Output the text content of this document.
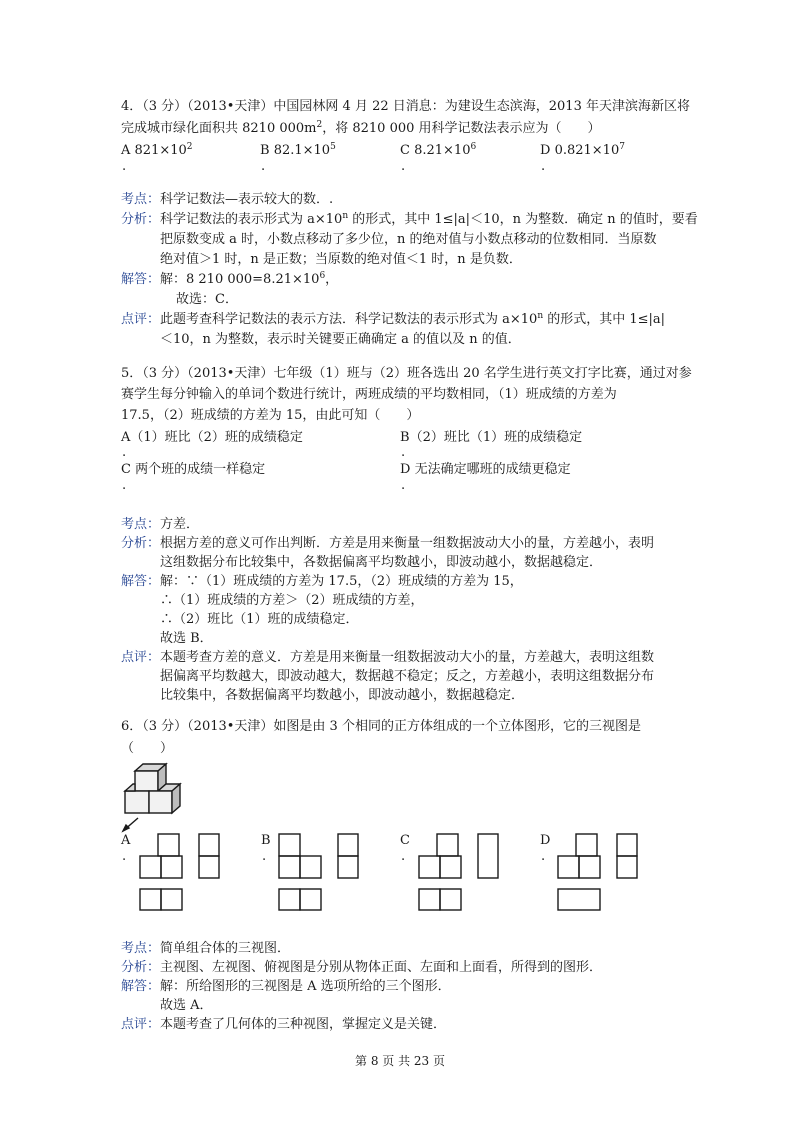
4．（3 分）（2013•天津）中国园林网 4 月 22 日消息：为建设生态滨海，2013 年天津滨海新区将
完成城市绿化面积共 8210 $000m^2$，将 8210 000 用科学记数法表示应为（　　）
A $821\times 10^2$	B $82.1\times 10^5$	C $8.21\times 10^6$	D $0.821\times 10^7$
.	.	.	.
考点： 科学记数法—表示较大的数．.
分析： 科学记数法的表示形式为 $a\times 10^n$ 的形式，其中 1≤|a|＜10，n 为整数．确定 n 的值时，要看
把原数变成 a 时，小数点移动了多少位，n 的绝对值与小数点移动的位数相同．当原数
绝对值＞1 时，n 是正数；当原数的绝对值＜1 时，n 是负数．
解答： 解：8 210 $000=8.21\times 10^6$，
故选：C．
点评： 此题考查科学记数法的表示方法．科学记数法的表示形式为 $a\times 10^n$ 的形式，其中 1≤|a|
＜10，n 为整数，表示时关键要正确确定 a 的值以及 n 的值．
5．（3 分）（2013•天津）七年级（1）班与（2）班各选出 20 名学生进行英文打字比赛，通过对参
赛学生每分钟输入的单词个数进行统计，两班成绩的平均数相同，（1）班成绩的方差为
17.5，（2）班成绩的方差为 15，由此可知（　　）
A（1）班比（2）班的成绩稳定	B（2）班比（1）班的成绩稳定
.	.
C 两个班的成绩一样稳定	D 无法确定哪班的成绩更稳定
.	.
考点： 方差．
分析： 根据方差的意义可作出判断．方差是用来衡量一组数据波动大小的量，方差越小，表明
这组数据分布比较集中，各数据偏离平均数越小，即波动越小，数据越稳定．
解答： 解：∵（1）班成绩的方差为 17.5，（2）班成绩的方差为 15，
∴（1）班成绩的方差＞（2）班成绩的方差，
∴（2）班比（1）班的成绩稳定．
故选 B．
点评： 本题考查方差的意义．方差是用来衡量一组数据波动大小的量，方差越大，表明这组数
据偏离平均数越大，即波动越大，数据越不稳定；反之，方差越小，表明这组数据分布
比较集中，各数据偏离平均数越小，即波动越小，数据越稳定．
6．（3 分）（2013•天津）如图是由 3 个相同的正方体组成的一个立体图形，它的三视图是
（　　）
A	B	C	D
.	.	.	.
考点： 简单组合体的三视图．
分析： 主视图、左视图、俯视图是分别从物体正面、左面和上面看，所得到的图形．
解答： 解：所给图形的三视图是 A 选项所给的三个图形．
故选 A．
点评： 本题考查了几何体的三种视图，掌握定义是关键．
第 8 页 共 23 页
